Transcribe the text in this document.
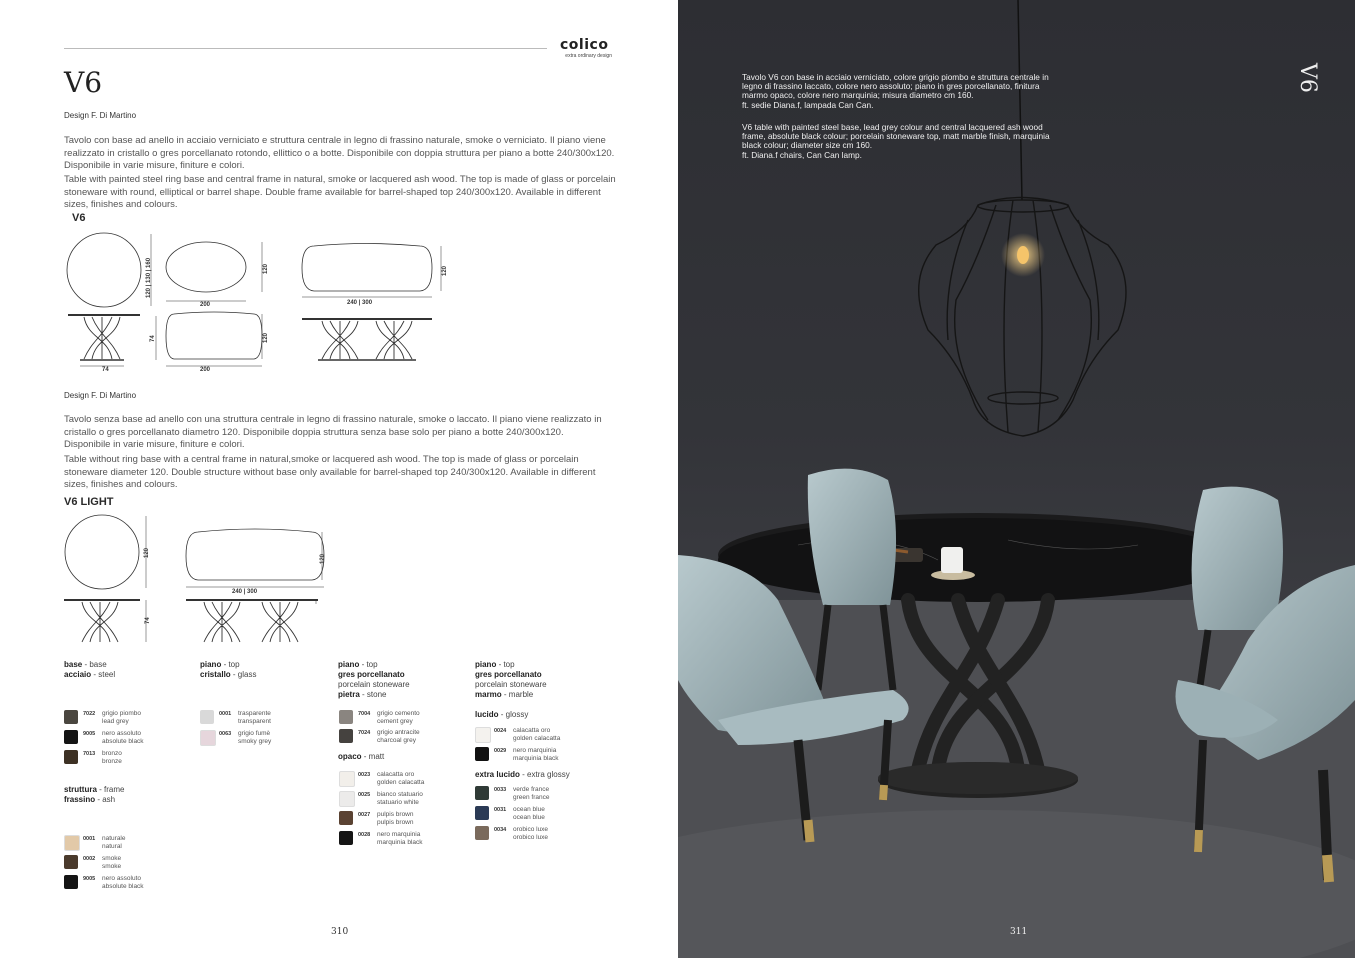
colico
extra ordinary design
V6
Design F. Di Martino
Tavolo con base ad anello in acciaio verniciato e struttura centrale in legno di frassino naturale, smoke o verniciato. Il piano viene realizzato in cristallo o gres porcellanato rotondo, ellittico o a botte. Disponibile con doppia struttura per piano a botte 240/300x120. Disponibile in varie misure, finiture e colori.
Table with painted steel ring base and central frame in natural, smoke or lacquered ash wood. The top is made of glass or porcelain stoneware with round, elliptical or barrel shape. Double frame available for barrel-shaped top 240/300x120. Available in different sizes, finishes and colours.
V6
120 | 130 | 160
200
120
240 | 300
120
74
74	200
120
Design F. Di Martino
Tavolo senza base ad anello con una struttura centrale in legno di frassino naturale, smoke o laccato. Il piano viene realizzato in cristallo o gres porcellanato diametro 120. Disponibile doppia struttura senza base solo per piano a botte 240/300x120. Disponibile in varie misure, finiture e colori.
Table without ring base with a central frame in natural,smoke or lacquered ash wood. The top is made of glass or porcelain stoneware diameter 120. Double structure without base only available for barrel-shaped top 240/300x120. Available in different sizes, finishes and colours.
V6 LIGHT
120
240 | 300
120
74
base - base
acciaio - steel
7022 grigio piombo
lead grey
9005 nero assoluto
absolute black
7013 bronzo
bronze
struttura - frame
frassino - ash
0001 naturale
natural
0002 smoke
smoke
9005 nero assoluto
absolute black
piano - top
cristallo - glass
0001 trasparente
transparent
0063 grigio fumè
smoky grey
piano - top
gres porcellanato
porcelain stoneware
pietra - stone
7004 grigio cemento
cement grey
7024 grigio antracite
charcoal grey
opaco - matt
0023 calacatta oro
golden calacatta
0025 bianco statuario
statuario white
0027 pulpis brown
pulpis brown
0028 nero marquinia
marquinia black
piano - top
gres porcellanato
porcelain stoneware
marmo - marble
lucido - glossy
0024 calacatta oro
golden calacatta
0029 nero marquinia
marquinia black
extra lucido - extra glossy
0033 verde france
green france
0031 ocean blue
ocean blue
0034 orobico luxe
orobico luxe
310	311
Tavolo V6 con base in acciaio verniciato, colore grigio piombo e struttura centrale in legno di frassino laccato, colore nero assoluto; piano in gres porcellanato, finitura marmo opaco, colore nero marquinia; misura diametro cm 160.
ft. sedie Diana.f, lampada Can Can.
V6 table with painted steel base, lead grey colour and central lacquered ash wood frame, absolute black colour; porcelain stoneware top, matt marble finish, marquinia black colour; diameter size cm 160.
ft. Diana.f chairs, Can Can lamp.
V6
